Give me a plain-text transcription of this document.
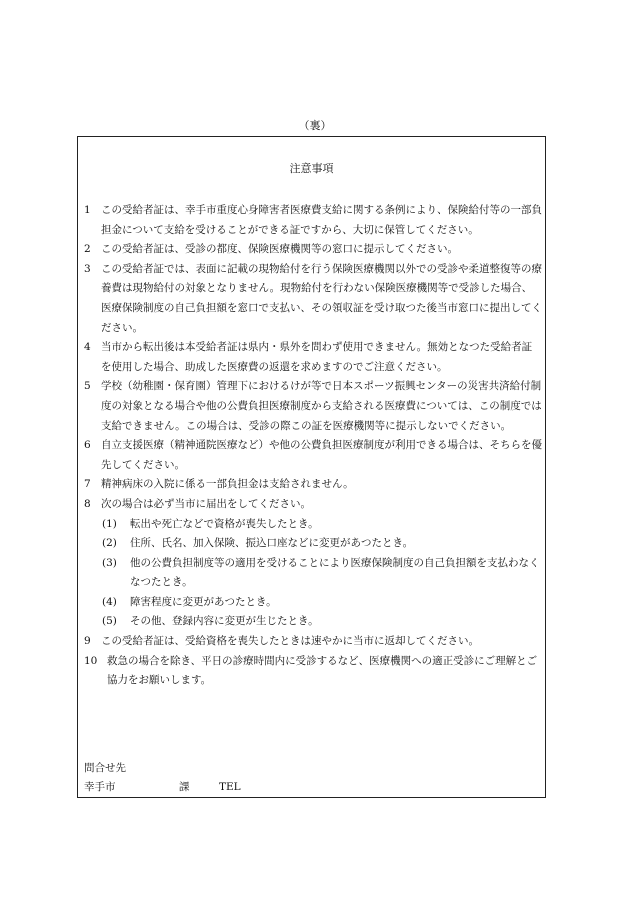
（裏）
注意事項
1 この受給者証は、幸手市重度心身障害者医療費支給に関する条例により、保険給付等の一部負担金について支給を受けることができる証ですから、大切に保管してください。
2 この受給者証は、受診の都度、保険医療機関等の窓口に提示してください。
3 この受給者証では、表面に記載の現物給付を行う保険医療機関以外での受診や柔道整復等の療養費は現物給付の対象となりません。現物給付を行わない保険医療機関等で受診した場合、医療保険制度の自己負担額を窓口で支払い、その領収証を受け取つた後当市窓口に提出してください。
4 当市から転出後は本受給者証は県内・県外を問わず使用できません。無効となつた受給者証を使用した場合、助成した医療費の返還を求めますのでご注意ください。
5 学校（幼稚園・保育園）管理下におけるけが等で日本スポーツ振興センターの災害共済給付制度の対象となる場合や他の公費負担医療制度から支給される医療費については、この制度では支給できません。この場合は、受診の際この証を医療機関等に提示しないでください。
6 自立支援医療（精神通院医療など）や他の公費負担医療制度が利用できる場合は、そちらを優先してください。
7 精神病床の入院に係る一部負担金は支給されません。
8 次の場合は必ず当市に届出をしてください。
(1)	転出や死亡などで資格が喪失したとき。
(2)	住所、氏名、加入保険、振込口座などに変更があつたとき。
(3)	他の公費負担制度等の適用を受けることにより医療保険制度の自己負担額を支払わなくなつたとき。
(4)	障害程度に変更があつたとき。
(5)	その他、登録内容に変更が生じたとき。
9 この受給者証は、受給資格を喪失したときは速やかに当市に返却してください。
10 救急の場合を除き、平日の診療時間内に受診するなど、医療機関への適正受診にご理解とご協力をお願いします。
問合せ先
幸手市	課	TEL
